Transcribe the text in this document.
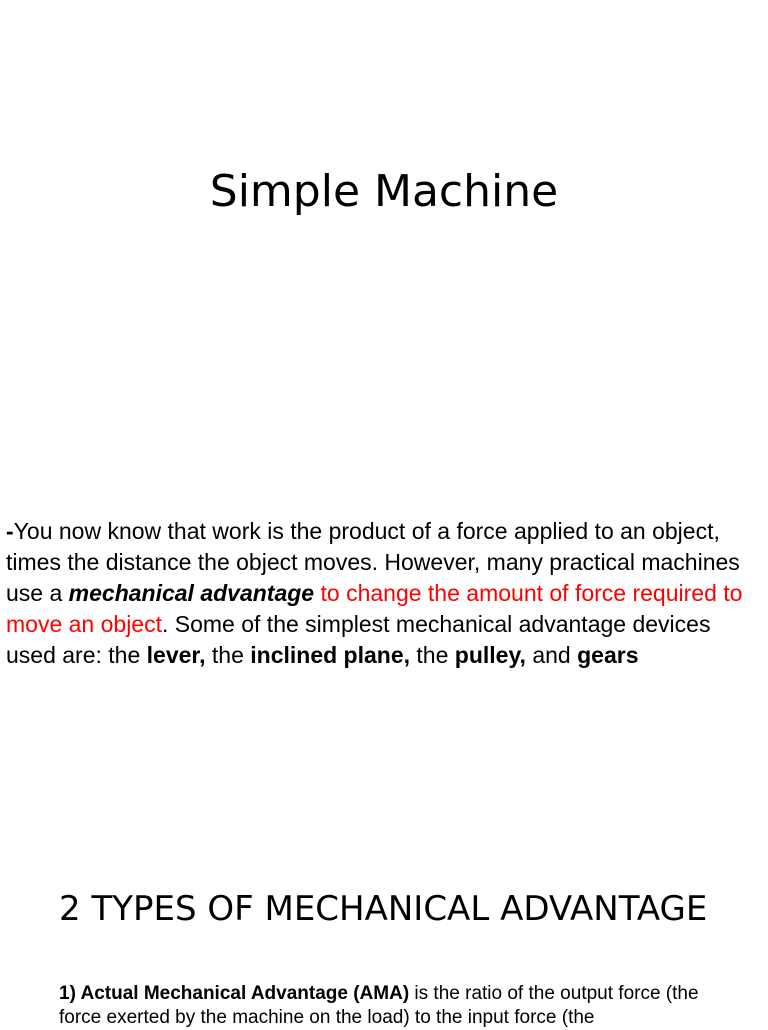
Simple Machine

-You now know that work is the product of a force applied to an object, times the distance the object moves. However, many practical machines use a mechanical advantage to change the amount of force required to move an object. Some of the simplest mechanical advantage devices used are: the lever, the inclined plane, the pulley, and gears

2 TYPES OF MECHANICAL ADVANTAGE

1) Actual Mechanical Advantage (AMA) is the ratio of the output force (the force exerted by the machine on the load) to the input force (the
